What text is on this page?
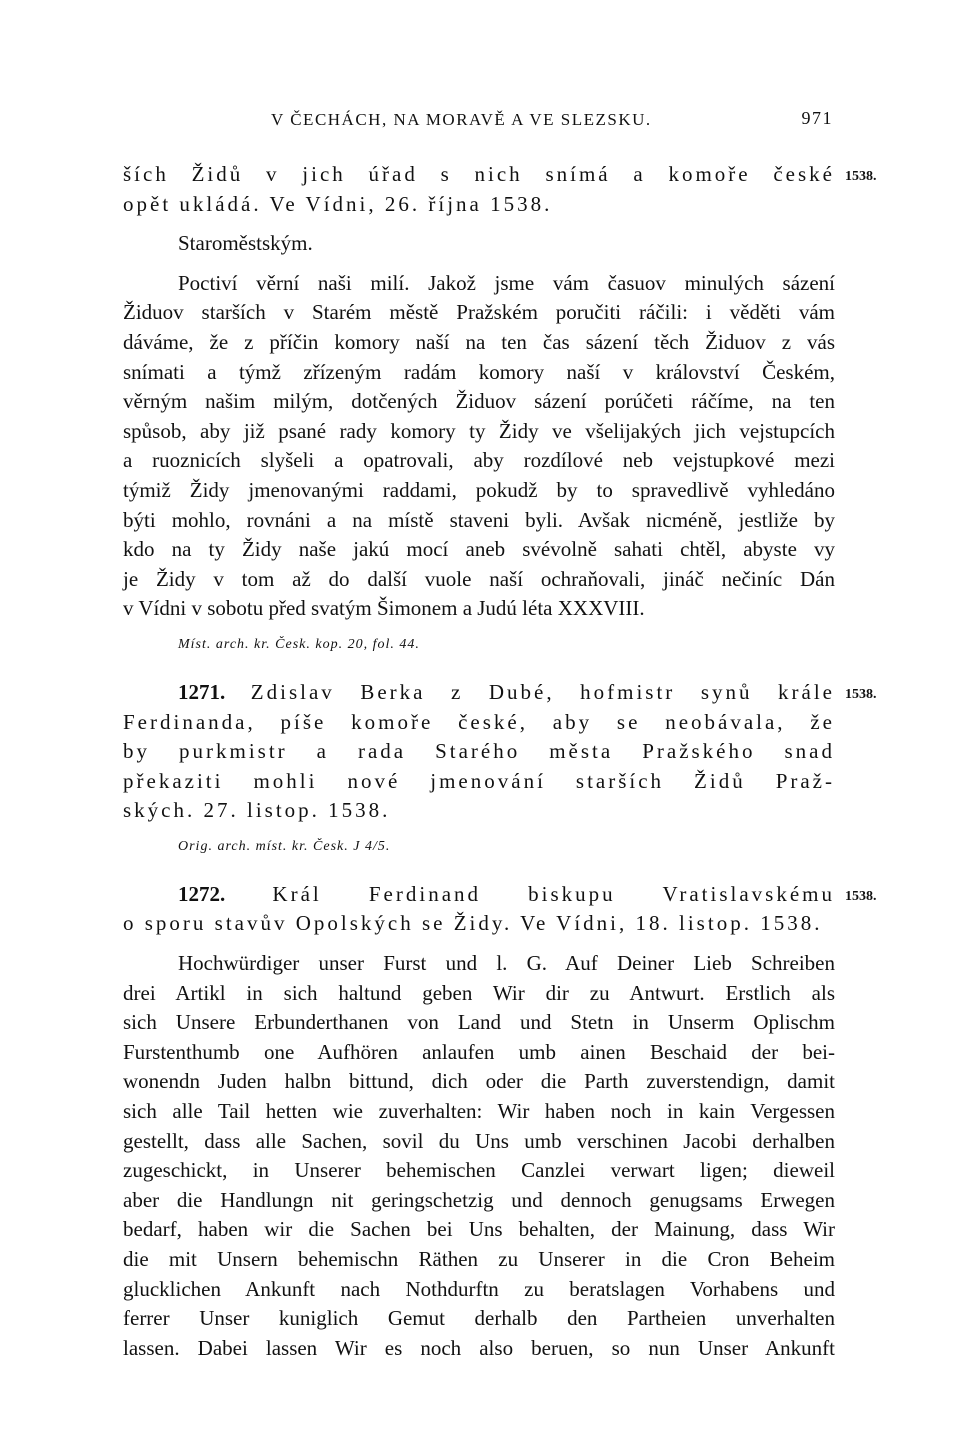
V ČECHÁCH, NA MORAVĚ A VE SLEZSKU.	971
ších Židů v jich úřad s nich snímá a komoře české 1538.
opět ukládá. Ve Vídni, 26. října 1538.
Staroměstským.
Poctiví věrní naši milí. Jakož jsme vám časuov minulých sázení
Židuov starších v Starém městě Pražském poručiti ráčili: i věděti vám
dáváme, že z příčin komory naší na ten čas sázení těch Židuov z vás
snímati a týmž zřízeným radám komory naší v království Českém,
věrným našim milým, dotčených Židuov sázení porúčeti ráčíme, na ten
spůsob, aby již psané rady komory ty Židy ve všelijakých jich vejstupcích
a ruoznicích slyšeli a opatrovali, aby rozdílové neb vejstupkové mezi
týmiž Židy jmenovanými raddami, pokudž by to spravedlivě vyhledáno
býti mohlo, rovnáni a na místě staveni byli. Avšak nicméně, jestliže by
kdo na ty Židy naše jakú mocí aneb svévolně sahati chtěl, abyste vy
je Židy v tom až do další vuole naší ochraňovali, jináč nečiníc Dán
v Vídni v sobotu před svatým Šimonem a Judú léta XXXVIII.
Míst. arch. kr. Česk. kop. 20, fol. 44.
1271. Zdislav Berka z Dubé, hofmistr synů krále 1538.
Ferdinanda, píše komoře české, aby se neobávala, že
by purkmistr a rada Starého města Pražského snad
překaziti mohli nové jmenování starších Židů Praž-
ských. 27. listop. 1538.
Orig. arch. míst. kr. Česk. J 4/5.
1272. Král Ferdinand biskupu Vratislavskému 1538.
o sporu stavův Opolských se Židy. Ve Vídni, 18. listop. 1538.
Hochwürdiger unser Furst und l. G. Auf Deiner Lieb Schreiben
drei Artikl in sich haltund geben Wir dir zu Antwurt. Erstlich als
sich Unsere Erbunderthanen von Land und Stetn in Unserm Oplischm
Furstenthumb one Aufhören anlaufen umb ainen Beschaid der bei-
wonendn Juden halbn bittund, dich oder die Parth zuverstendign, damit
sich alle Tail hetten wie zuverhalten: Wir haben noch in kain Vergessen
gestellt, dass alle Sachen, sovil du Uns umb verschinen Jacobi derhalben
zugeschickt, in Unserer behemischen Canzlei verwart ligen; dieweil
aber die Handlungn nit geringschetzig und dennoch genugsams Erwegen
bedarf, haben wir die Sachen bei Uns behalten, der Mainung, dass Wir
die mit Unsern behemischn Räthen zu Unserer in die Cron Beheim
glucklichen Ankunft nach Nothdurftn zu beratslagen Vorhabens und
ferrer Unser kuniglich Gemut derhalb den Partheien unverhalten
lassen. Dabei lassen Wir es noch also beruen, so nun Unser Ankunft
